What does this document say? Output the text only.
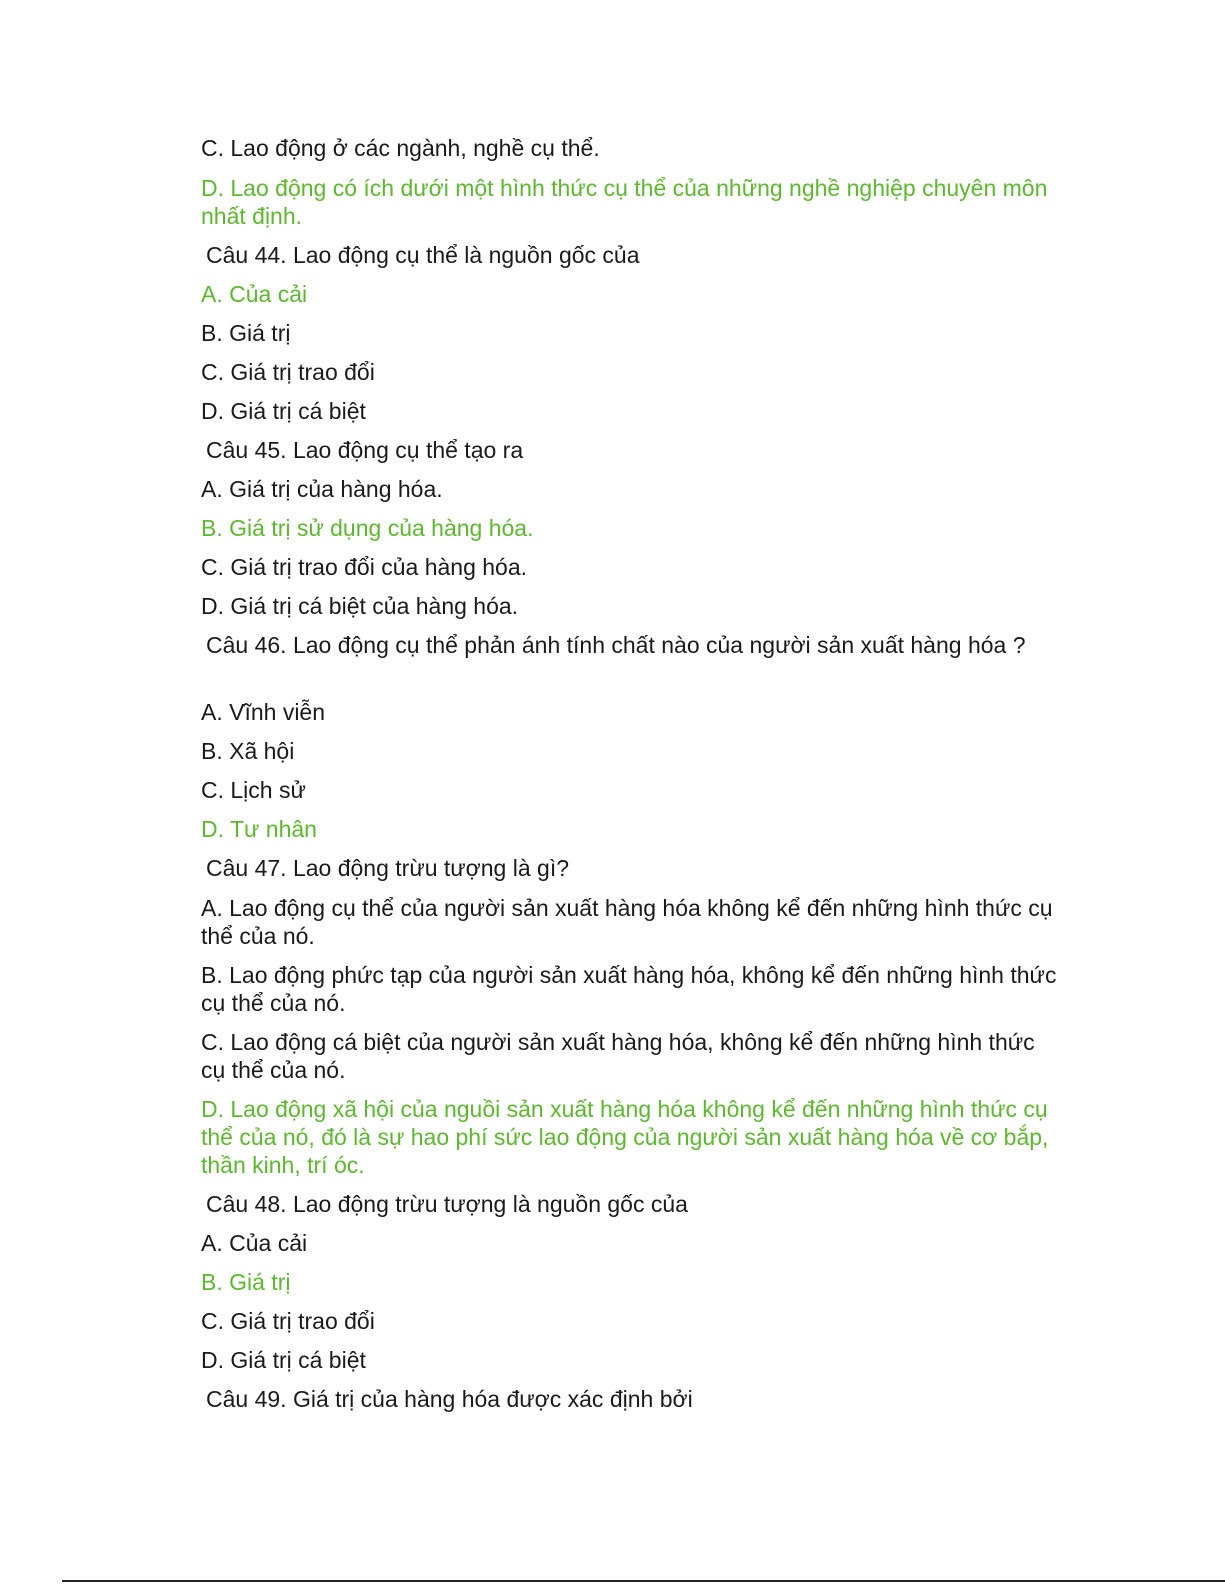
C. Lao động ở các ngành, nghề cụ thể.
D. Lao động có ích dưới một hình thức cụ thể của những nghề nghiệp chuyên môn nhất định.
Câu 44. Lao động cụ thể là nguồn gốc của
A. Của cải
B. Giá trị
C. Giá trị trao đổi
D. Giá trị cá biệt
Câu 45. Lao động cụ thể tạo ra
A. Giá trị của hàng hóa.
B. Giá trị sử dụng của hàng hóa.
C. Giá trị trao đổi của hàng hóa.
D. Giá trị cá biệt của hàng hóa.
Câu 46. Lao động cụ thể phản ánh tính chất nào của người sản xuất hàng hóa ?
A. Vĩnh viễn
B. Xã hội
C. Lịch sử
D. Tư nhân
Câu 47. Lao động trừu tượng là gì?
A. Lao động cụ thể của người sản xuất hàng hóa không kể đến những hình thức cụ thể của nó.
B. Lao động phức tạp của người sản xuất hàng hóa, không kể đến những hình thức cụ thể của nó.
C. Lao động cá biệt của người sản xuất hàng hóa, không kể đến những hình thức cụ thể của nó.
D. Lao động xã hội của nguồi sản xuất hàng hóa không kể đến những hình thức cụ thể của nó, đó là sự hao phí sức lao động của người sản xuất hàng hóa về cơ bắp, thần kinh, trí óc.
Câu 48. Lao động trừu tượng là nguồn gốc của
A. Của cải
B. Giá trị
C. Giá trị trao đổi
D. Giá trị cá biệt
Câu 49. Giá trị của hàng hóa được xác định bởi
